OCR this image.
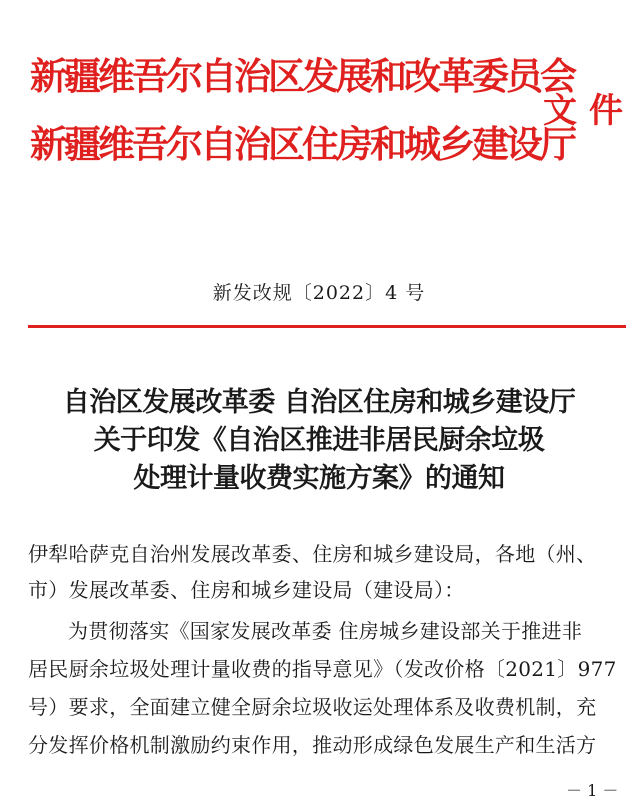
新疆维吾尔自治区发展和改革委员会
新疆维吾尔自治区住房和城乡建设厅
文件
新发改规〔2022〕4 号
自治区发展改革委 自治区住房和城乡建设厅
关于印发《自治区推进非居民厨余垃圾
处理计量收费实施方案》的通知
伊犁哈萨克自治州发展改革委、住房和城乡建设局，各地（州、
市）发展改革委、住房和城乡建设局（建设局）：
为贯彻落实《国家发展改革委 住房城乡建设部关于推进非
居民厨余垃圾处理计量收费的指导意见》（发改价格〔2021〕977
号）要求，全面建立健全厨余垃圾收运处理体系及收费机制，充
分发挥价格机制激励约束作用，推动形成绿色发展生产和生活方
－ 1 －
